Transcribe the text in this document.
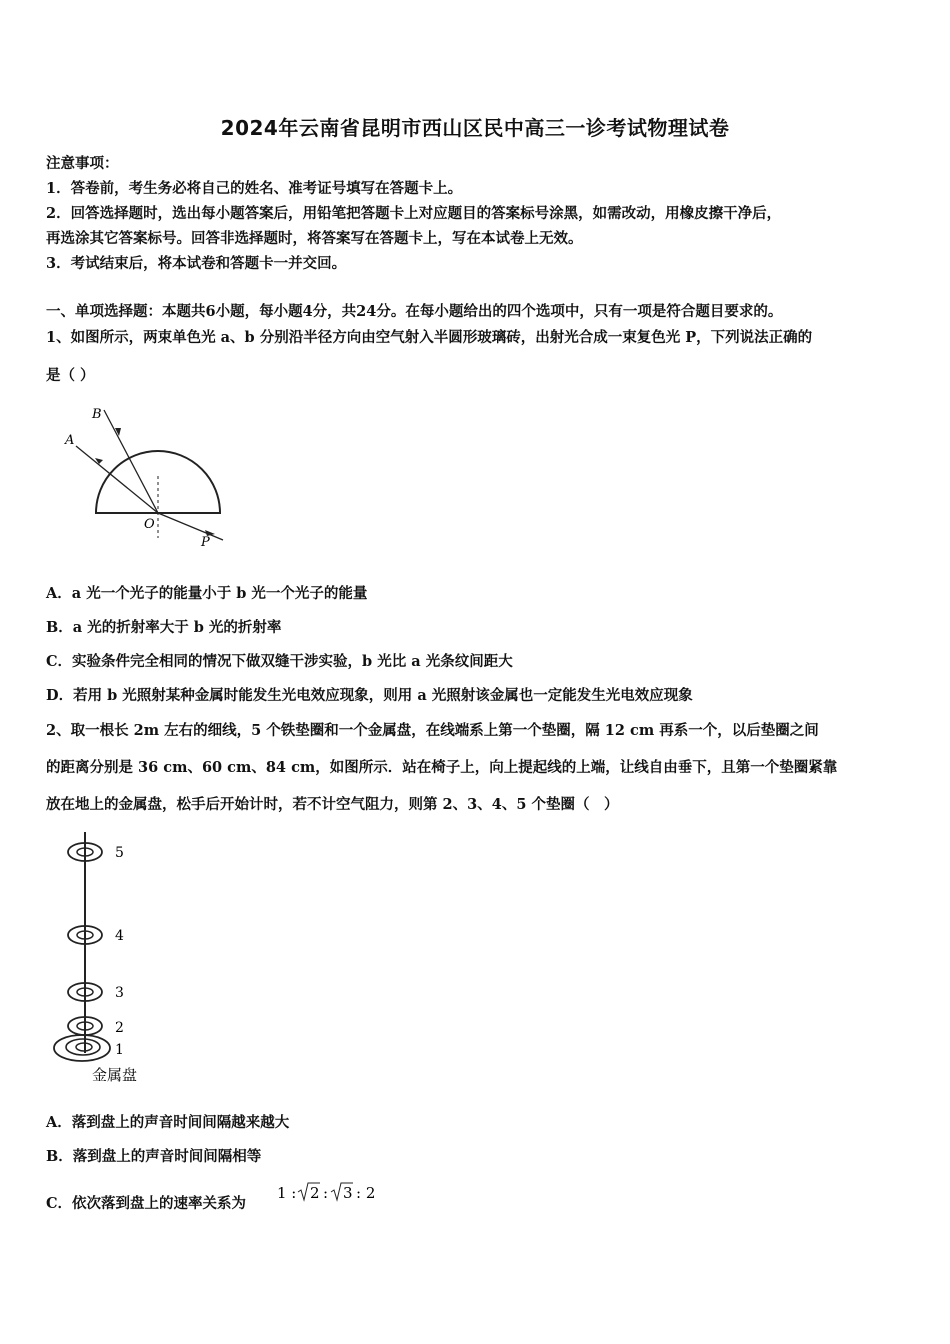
2024年云南省昆明市西山区民中高三一诊考试物理试卷
注意事项：
1．答卷前，考生务必将自己的姓名、准考证号填写在答题卡上。
2．回答选择题时，选出每小题答案后，用铅笔把答题卡上对应题目的答案标号涂黑，如需改动，用橡皮擦干净后，
再选涂其它答案标号。回答非选择题时，将答案写在答题卡上，写在本试卷上无效。
3．考试结束后，将本试卷和答题卡一并交回。
一、单项选择题：本题共6小题，每小题4分，共24分。在每小题给出的四个选项中，只有一项是符合题目要求的。
1、如图所示，两束单色光 a、b 分别沿半径方向由空气射入半圆形玻璃砖，出射光合成一束复色光 P，下列说法正确的
是（ ）
B
A
O
P
A．a 光一个光子的能量小于 b 光一个光子的能量
B．a 光的折射率大于 b 光的折射率
C．实验条件完全相同的情况下做双缝干涉实验，b 光比 a 光条纹间距大
D．若用 b 光照射某种金属时能发生光电效应现象，则用 a 光照射该金属也一定能发生光电效应现象
2、取一根长 2m 左右的细线，5 个铁垫圈和一个金属盘，在线端系上第一个垫圈，隔 12 cm 再系一个，以后垫圈之间
的距离分别是 36 cm、60 cm、84 cm，如图所示．站在椅子上，向上提起线的上端，让线自由垂下，且第一个垫圈紧靠
放在地上的金属盘，松手后开始计时，若不计空气阻力，则第 2、3、4、5 个垫圈（　）
5
4
3
2
1
金属盘
A．落到盘上的声音时间间隔越来越大
B．落到盘上的声音时间间隔相等
C．依次落到盘上的速率关系为
1 : 2 : 3 : 2
